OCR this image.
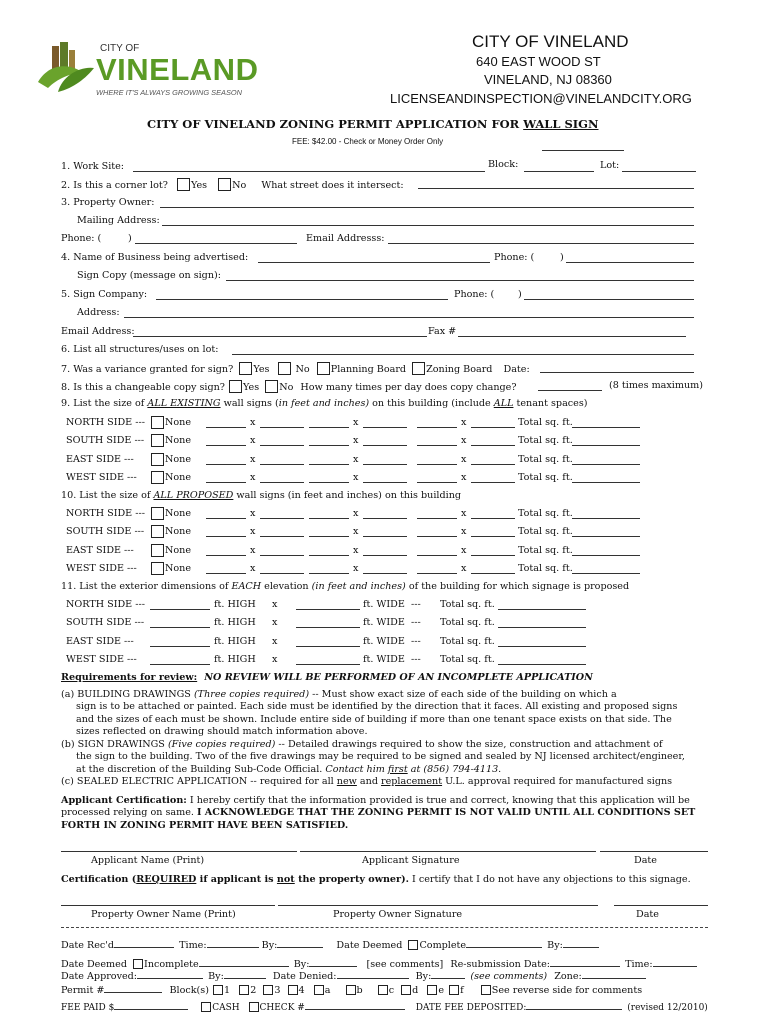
CITY OF
VINELAND
WHERE IT'S ALWAYS GROWING SEASON
CITY OF VINELAND
640 EAST WOOD ST
VINELAND, NJ 08360
LICENSEANDINSPECTION@VINELANDCITY.ORG
CITY OF VINELAND ZONING PERMIT APPLICATION FOR WALL SIGN
FEE: $42.00 - Check or Money Order Only
1. Work Site:	Block:	Lot:
2. Is this a corner lot? Yes	No What street does it intersect:
3. Property Owner:
Mailing Address:
Phone: (	)	Email Addresss:
4. Name of Business being advertised:	Phone: (	)
Sign Copy (message on sign):
5. Sign Company:	Phone: ( )
Address:
Email Address:	Fax #
6. List all structures/uses on lot:
7. Was a variance granted for sign? Yes	No Planning Board Zoning Board Date:
8. Is this a changeable copy sign? Yes No How many times per day does copy change?	(8 times maximum)
9. List the size of ALL EXISTING wall signs (in feet and inches) on this building (include ALL tenant spaces)
NORTH SIDE --- None	x	x	x	Total sq. ft.
SOUTH SIDE --- None	x	x	x	Total sq. ft.
EAST SIDE ---	None	x	x	x	Total sq. ft.
WEST SIDE ---	None	x	x	x	Total sq. ft.
10. List the size of ALL PROPOSED wall signs (in feet and inches) on this building
NORTH SIDE --- None	x	x	x	Total sq. ft.
SOUTH SIDE --- None	x	x	x	Total sq. ft.
EAST SIDE ---	None	x	x	x	Total sq. ft.
WEST SIDE ---	None	x	x	x	Total sq. ft.
11. List the exterior dimensions of EACH elevation (in feet and inches) of the building for which signage is proposed
NORTH SIDE ---	ft. HIGH x	ft. WIDE --- Total sq. ft.
SOUTH SIDE ---	ft. HIGH x	ft. WIDE --- Total sq. ft.
EAST SIDE ---	ft. HIGH x	ft. WIDE --- Total sq. ft.
WEST SIDE ---	ft. HIGH x	ft. WIDE --- Total sq. ft.
Requirements for review: NO REVIEW WILL BE PERFORMED OF AN INCOMPLETE APPLICATION
(a) BUILDING DRAWINGS (Three copies required) -- Must show exact size of each side of the building on which a
sign is to be attached or painted. Each side must be identified by the direction that it faces. All existing and proposed signs
and the sizes of each must be shown. Include entire side of building if more than one tenant space exists on that side. The
sizes reflected on drawing should match information above.
(b) SIGN DRAWINGS (Five copies required) -- Detailed drawings required to show the size, construction and attachment of
the sign to the building. Two of the five drawings may be required to be signed and sealed by NJ licensed architect/engineer,
at the discretion of the Building Sub-Code Official. Contact him first at (856) 794-4113.
(c) SEALED ELECTRIC APPLICATION -- required for all new and replacement U.L. approval required for manufactured signs
Applicant Certification: I hereby certify that the information provided is true and correct, knowing that this application will be
processed relying on same. I ACKNOWLEDGE THAT THE ZONING PERMIT IS NOT VALID UNTIL ALL CONDITIONS SET
FORTH IN ZONING PERMIT HAVE BEEN SATISFIED.
Applicant Name (Print)	Applicant Signature	Date
Certification (REQUIRED if applicant is not the property owner). I certify that I do not have any objections to this signage.
Property Owner Name (Print)	Property Owner Signature	Date
Date Rec'd	Time:	By:	Date Deemed Complete	By:
Date Deemed Incomplete	By:	[see comments] Re-submission Date:	Time:
Date Approved:	By:	Date Denied:	By:	(see comments) Zone:
Permit #	Block(s) 1 2 3 4 a	b	c d e f	See reverse side for comments
FEE PAID $	CASH CHECK #	DATE FEE DEPOSITED:	(revised 12/2010)
